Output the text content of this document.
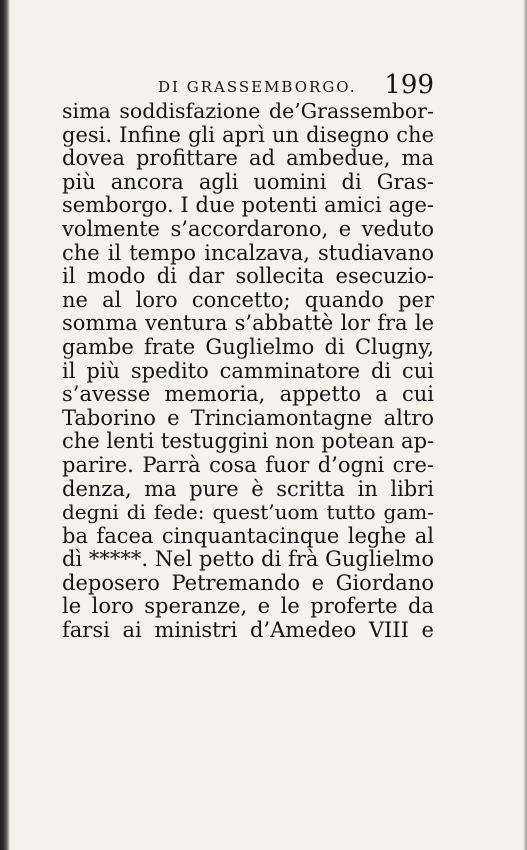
DI GRASSEMBORGO. 199
sima soddisfazione de’Grassembor-
gesi. Infine gli aprì un disegno che
dovea profittare ad ambedue, ma
più ancora agli uomini di Gras-
semborgo. I due potenti amici age-
volmente s’accordarono, e veduto
che il tempo incalzava, studiavano
il modo di dar sollecita esecuzio-
ne al loro concetto; quando per
somma ventura s’abbattè lor fra le
gambe frate Guglielmo di Clugny,
il più spedito camminatore di cui
s’avesse memoria, appetto a cui
Taborino e Trinciamontagne altro
che lenti testuggini non potean ap-
parire. Parrà cosa fuor d’ogni cre-
denza, ma pure è scritta in libri
degni di fede: quest’uom tutto gam-
ba facea cinquantacinque leghe al
dì *****. Nel petto di frà Guglielmo
deposero Petremando e Giordano
le loro speranze, e le proferte da
farsi ai ministri d’Amedeo VIII e
